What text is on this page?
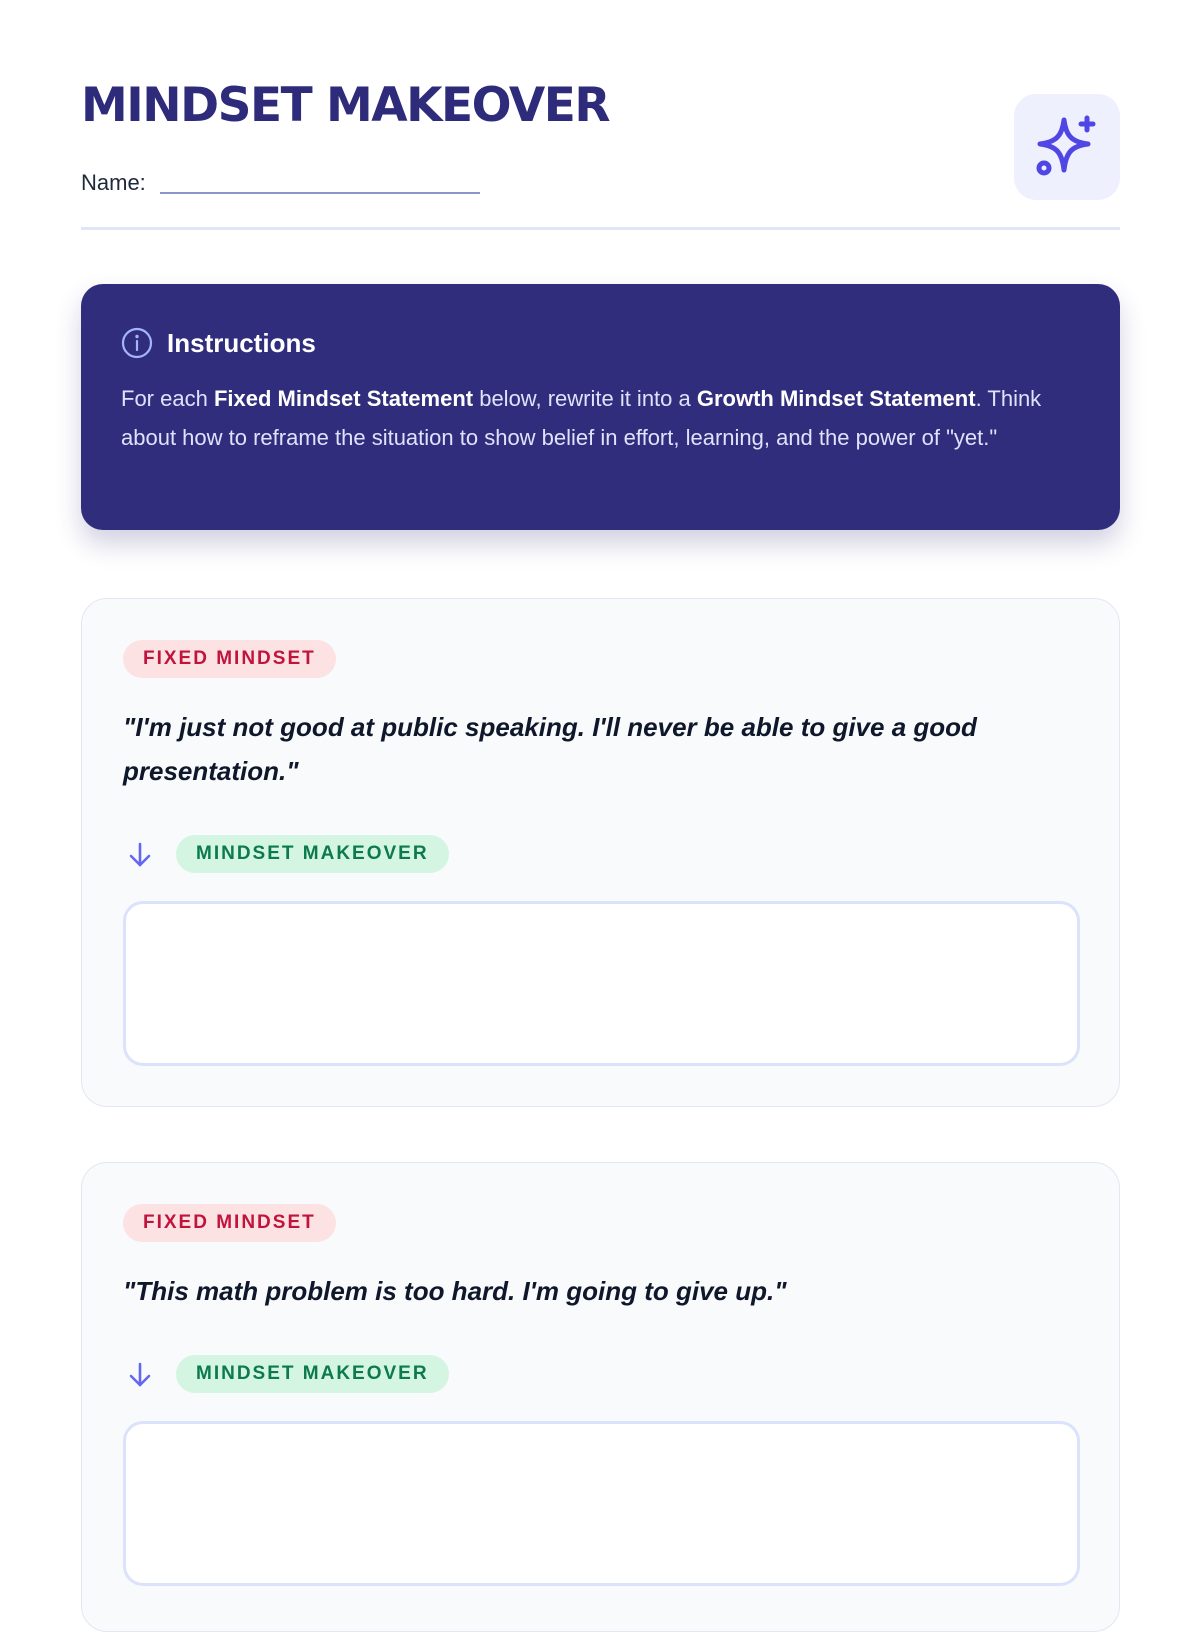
MINDSET MAKEOVER
Name:
Instructions
For each Fixed Mindset Statement below, rewrite it into a Growth Mindset Statement. Think about how to reframe the situation to show belief in effort, learning, and the power of "yet."
FIXED MINDSET

"I'm just not good at public speaking. I'll never be able to give a good presentation."

MINDSET MAKEOVER
FIXED MINDSET

"This math problem is too hard. I'm going to give up."

MINDSET MAKEOVER
